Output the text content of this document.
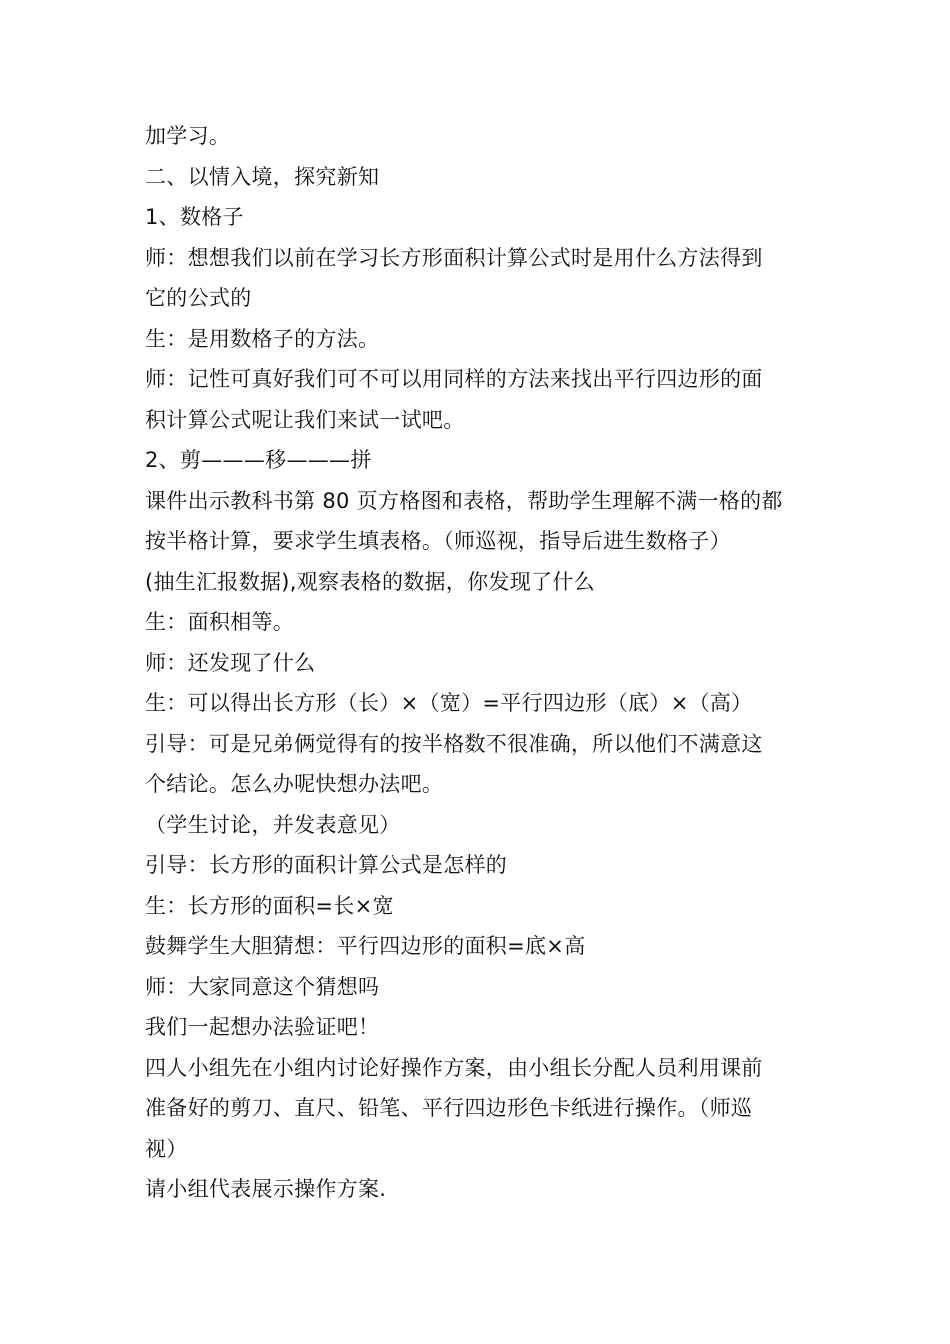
加学习。
二、以情入境，探究新知
1、数格子
师：想想我们以前在学习长方形面积计算公式时是用什么方法得到
它的公式的
生：是用数格子的方法。
师：记性可真好我们可不可以用同样的方法来找出平行四边形的面
积计算公式呢让我们来试一试吧。
2、剪———移———拼
课件出示教科书第 80 页方格图和表格，帮助学生理解不满一格的都
按半格计算，要求学生填表格。（师巡视，指导后进生数格子）
(抽生汇报数据),观察表格的数据，你发现了什么
生：面积相等。
师：还发现了什么
生：可以得出长方形（长）×（宽）=平行四边形（底）×（高）
引导：可是兄弟俩觉得有的按半格数不很准确，所以他们不满意这
个结论。怎么办呢快想办法吧。
（学生讨论，并发表意见）
引导：长方形的面积计算公式是怎样的
生：长方形的面积=长×宽
鼓舞学生大胆猜想：平行四边形的面积=底×高
师：大家同意这个猜想吗
我们一起想办法验证吧！
四人小组先在小组内讨论好操作方案，由小组长分配人员利用课前
准备好的剪刀、直尺、铅笔、平行四边形色卡纸进行操作。（师巡
视）
请小组代表展示操作方案.
